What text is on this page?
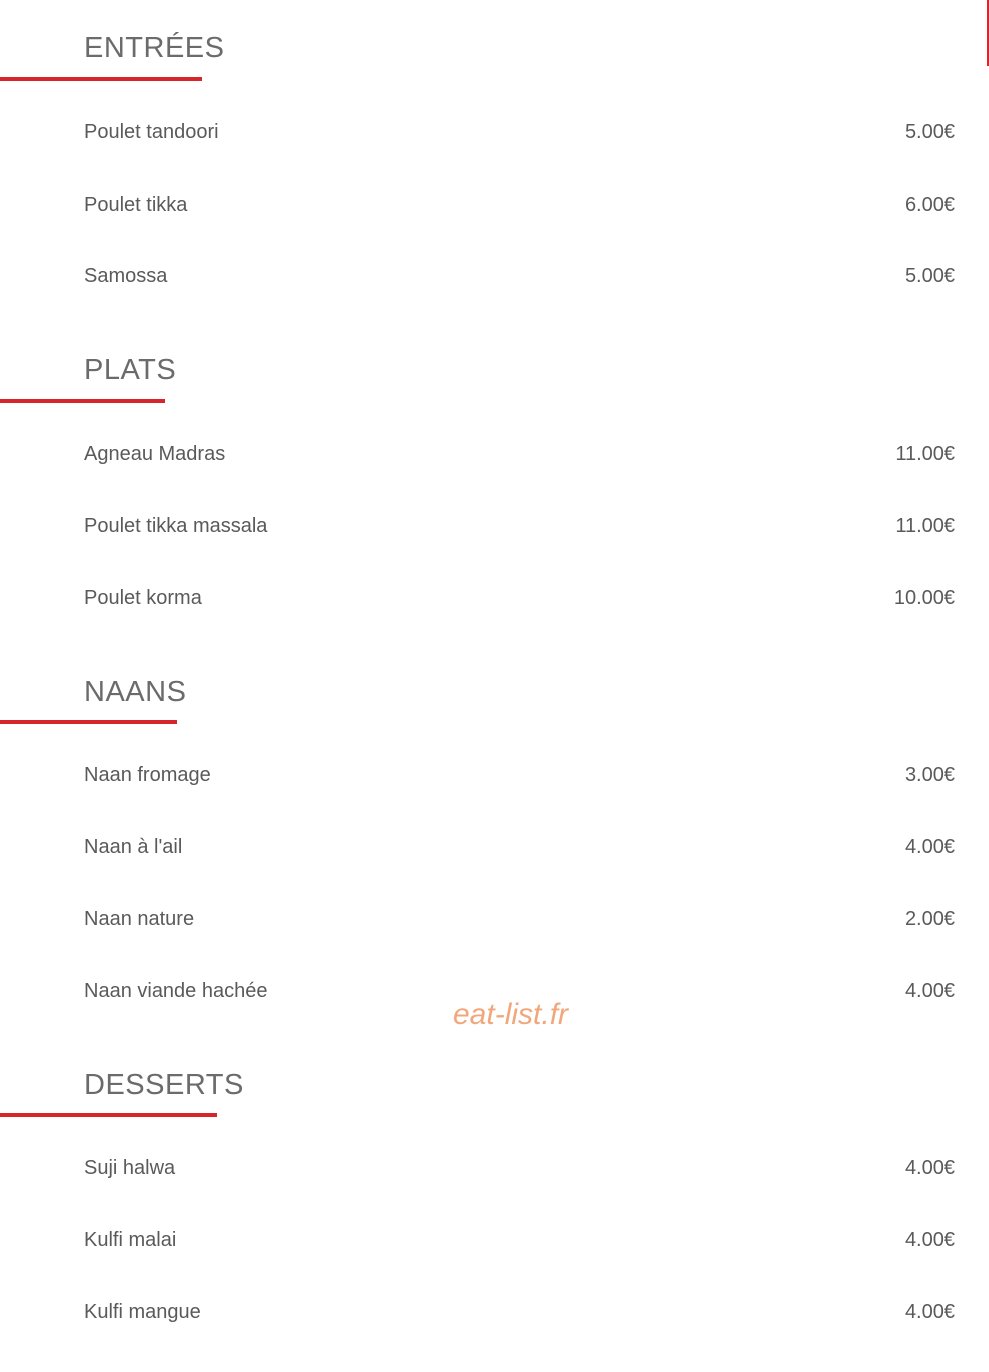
ENTRÉES
Poulet tandoori	5.00€
Poulet tikka	6.00€
Samossa	5.00€
PLATS
Agneau Madras	11.00€
Poulet tikka massala	11.00€
Poulet korma	10.00€
NAANS
Naan fromage	3.00€
Naan à l'ail	4.00€
Naan nature	2.00€
Naan viande hachée	4.00€
eat-list.fr
DESSERTS
Suji halwa	4.00€
Kulfi malai	4.00€
Kulfi mangue	4.00€
